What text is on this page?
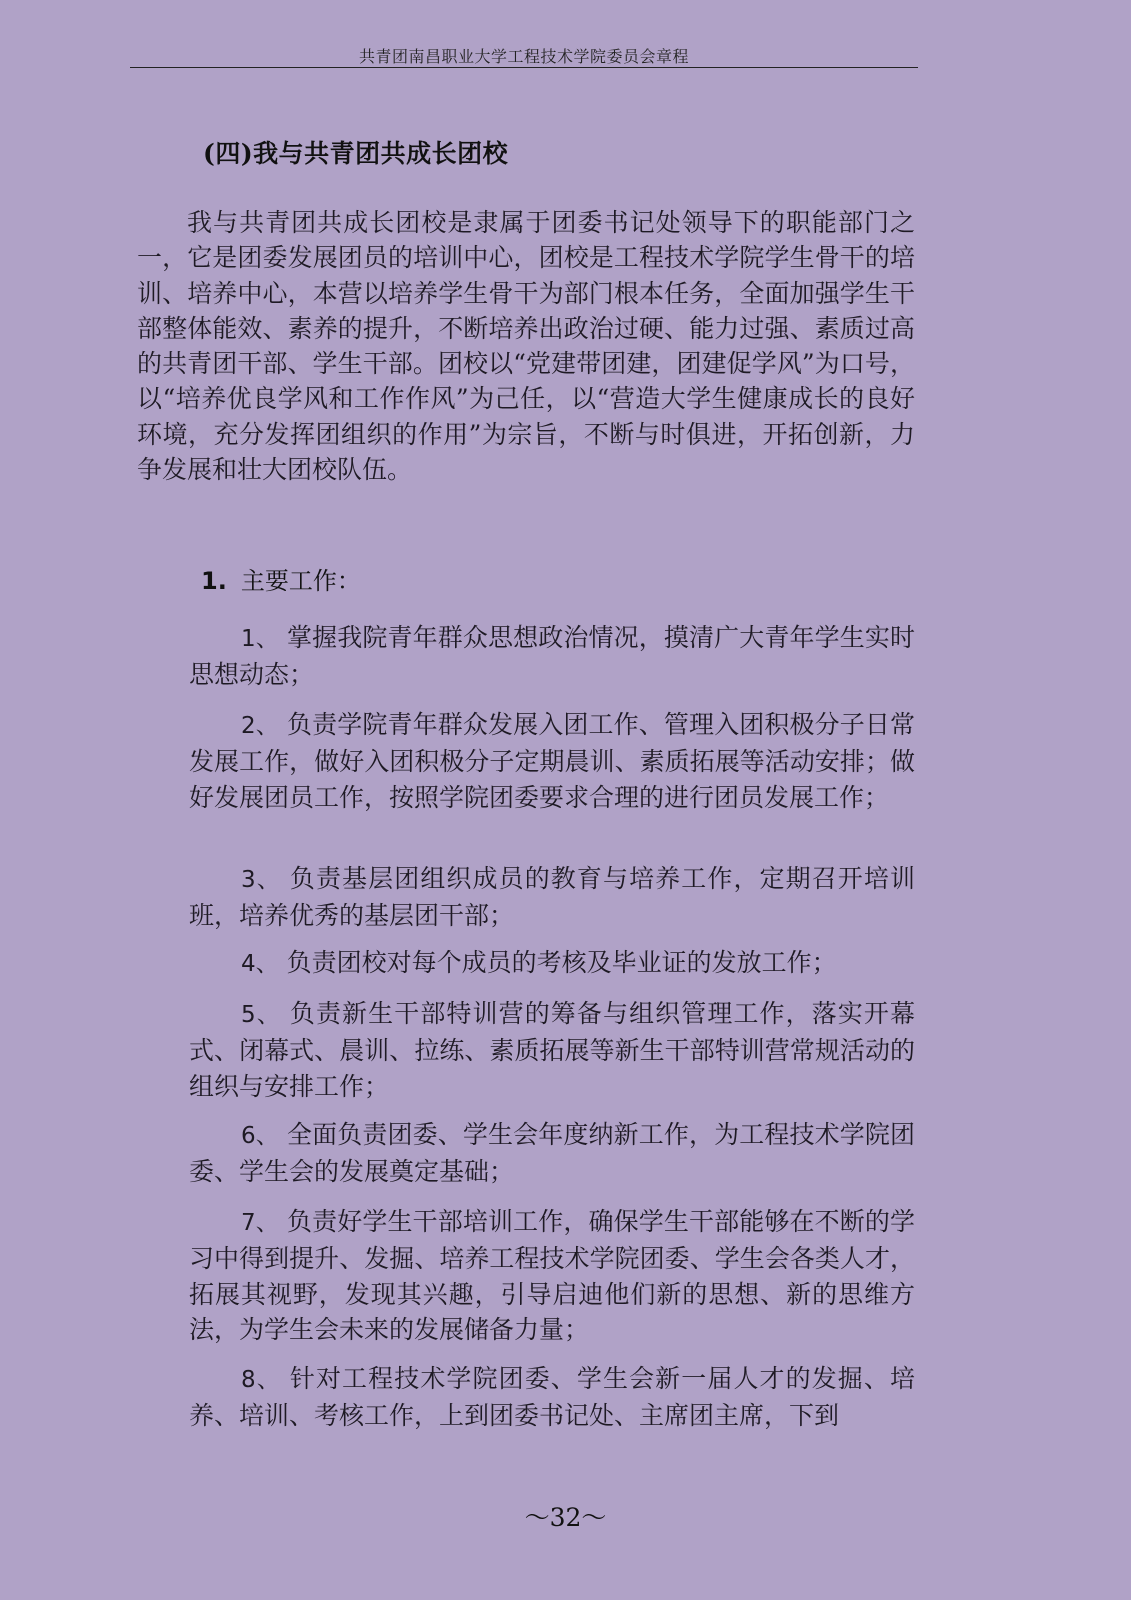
共青团南昌职业大学工程技术学院委员会章程
(四)我与共青团共成长团校

我与共青团共成长团校是隶属于团委书记处领导下的职能部门之一，它是团委发展团员的培训中心，团校是工程技术学院学生骨干的培训、培养中心，本营以培养学生骨干为部门根本任务，全面加强学生干部整体能效、素养的提升，不断培养出政治过硬、能力过强、素质过高的共青团干部、学生干部。团校以“党建带团建，团建促学风”为口号，以“培养优良学风和工作作风”为己任，以“营造大学生健康成长的良好环境，充分发挥团组织的作用”为宗旨，不断与时俱进，开拓创新，力争发展和壮大团校队伍。

1. 主要工作：

1、 掌握我院青年群众思想政治情况，摸清广大青年学生实时思想动态；

2、 负责学院青年群众发展入团工作、管理入团积极分子日常发展工作，做好入团积极分子定期晨训、素质拓展等活动安排；做好发展团员工作，按照学院团委要求合理的进行团员发展工作；

3、 负责基层团组织成员的教育与培养工作，定期召开培训班，培养优秀的基层团干部；

4、 负责团校对每个成员的考核及毕业证的发放工作；

5、 负责新生干部特训营的筹备与组织管理工作，落实开幕式、闭幕式、晨训、拉练、素质拓展等新生干部特训营常规活动的组织与安排工作；

6、 全面负责团委、学生会年度纳新工作，为工程技术学院团委、学生会的发展奠定基础；

7、 负责好学生干部培训工作，确保学生干部能够在不断的学习中得到提升、发掘、培养工程技术学院团委、学生会各类人才，拓展其视野，发现其兴趣，引导启迪他们新的思想、新的思维方法，为学生会未来的发展储备力量；

8、 针对工程技术学院团委、学生会新一届人才的发掘、培养、培训、考核工作，上到团委书记处、主席团主席，下到

～32～
